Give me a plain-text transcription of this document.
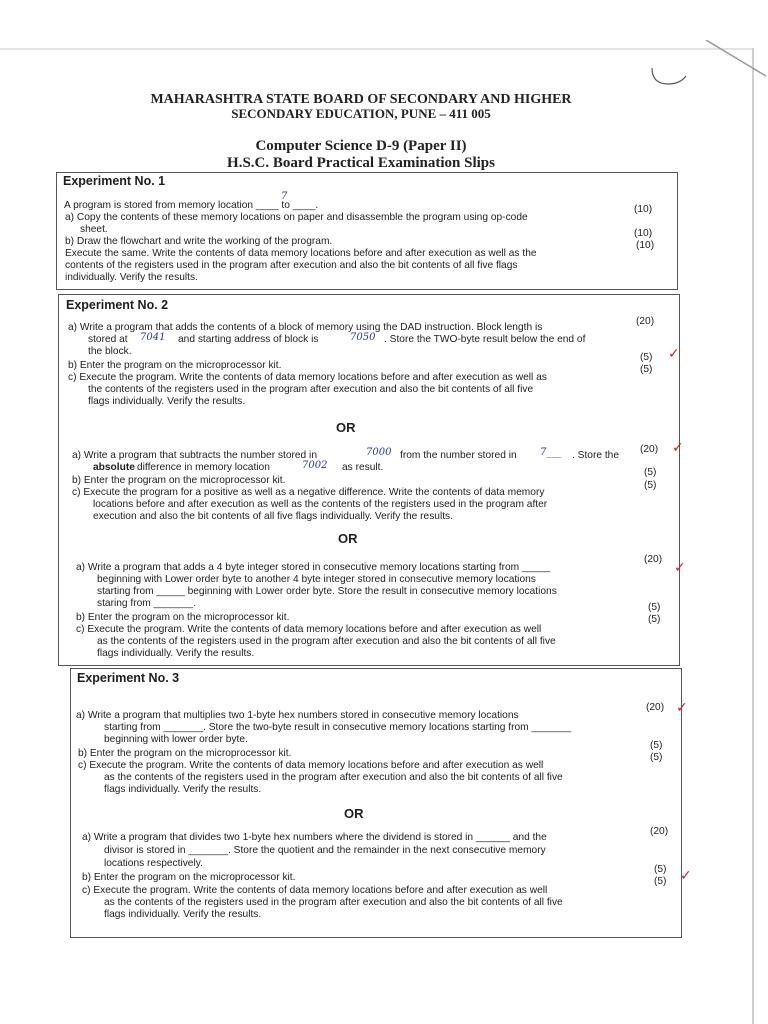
MAHARASHTRA STATE BOARD OF SECONDARY AND HIGHER
SECONDARY EDUCATION, PUNE – 411 005
Computer Science D-9 (Paper II)
H.S.C. Board Practical Examination Slips
Experiment No. 1
A program is stored from memory location ____ to ____.
7
a) Copy the contents of these memory locations on paper and disassemble the program using op-code
sheet.
b) Draw the flowchart and write the working of the program.
Execute the same. Write the contents of data memory locations before and after execution as well as the
contents of the registers used in the program after execution and also the bit contents of all five flags
individually. Verify the results.
(10)
(10)
(10)
Experiment No. 2
a) Write a program that adds the contents of a block of memory using the DAD instruction. Block length is
stored at 7041 and starting address of block is	7050 . Store the TWO-byte result below the end of
the block.
b) Enter the program on the microprocessor kit.
c) Execute the program. Write the contents of data memory locations before and after execution as well as
the contents of the registers used in the program after execution and also the bit contents of all five
flags individually. Verify the results.
(20)
(5)
(5)
✓
OR
a) Write a program that subtracts the number stored in	7000 from the number stored in 7___ . Store the
absolute difference in memory location	7002 as result.
b) Enter the program on the microprocessor kit.
c) Execute the program for a positive as well as a negative difference. Write the contents of data memory
locations before and after execution as well as the contents of the registers used in the program after
execution and also the bit contents of all five flags individually. Verify the results.
(20)
(5)
(5)
✓
OR
a) Write a program that adds a 4 byte integer stored in consecutive memory locations starting from _____
beginning with Lower order byte to another 4 byte integer stored in consecutive memory locations
starting from _____ beginning with Lower order byte. Store the result in consecutive memory locations
staring from _______.
b) Enter the program on the microprocessor kit.
c) Execute the program. Write the contents of data memory locations before and after execution as well
as the contents of the registers used in the program after execution and also the bit contents of all five
flags individually. Verify the results.
(20)
(5)
(5)
✓
Experiment No. 3
a) Write a program that multiplies two 1-byte hex numbers stored in consecutive memory locations
starting from _______. Store the two-byte result in consecutive memory locations starting from _______
beginning with lower order byte.
b) Enter the program on the microprocessor kit.
c) Execute the program. Write the contents of data memory locations before and after execution as well
as the contents of the registers used in the program after execution and also the bit contents of all five
flags individually. Verify the results.
(20)
(5)
(5)
✓
OR
a) Write a program that divides two 1-byte hex numbers where the dividend is stored in ______ and the
divisor is stored in _______. Store the quotient and the remainder in the next consecutive memory
locations respectively.
b) Enter the program on the microprocessor kit.
c) Execute the program. Write the contents of data memory locations before and after execution as well
as the contents of the registers used in the program after execution and also the bit contents of all five
flags individually. Verify the results.
(20)
(5)
(5) ✓
